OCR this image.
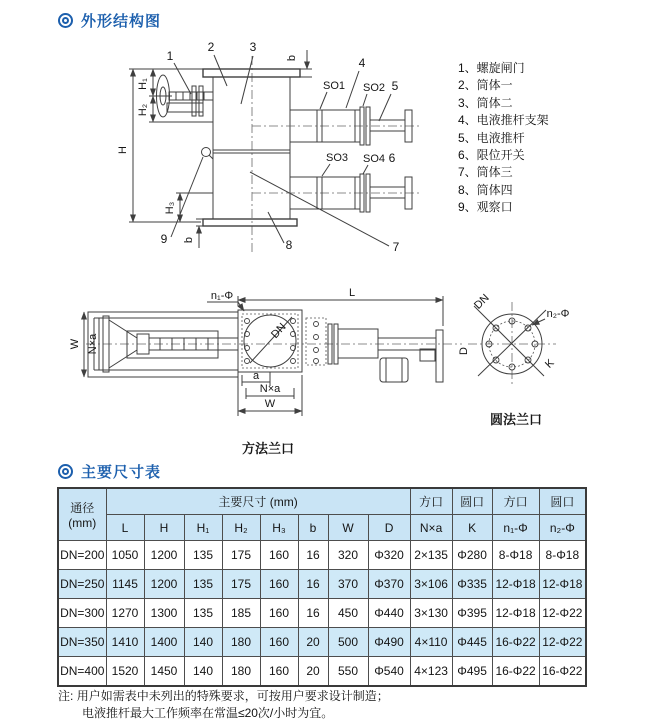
H
H₁
H₂
H₃
b
b
1
2	3
4
5
SO1 SO2
SO3 SO4 6
7
8
9
DN
n₁-Φ	L
W N×a
a
N×a
W
方法兰口
DN
n₂-Φ
D
K
圆法兰口
外形结构图
1、螺旋闸门
2、筒体一
3、筒体二
4、电液推杆支架
5、电液推杆
6、限位开关
7、筒体三
8、筒体四
9、观察口
主要尺寸表
通径
(mm)	主要尺寸 (mm)								方口	圆口	方口	圆口
	L	H	H₁	H₂	H₃	b	W	D	N×a	K	n₁-Φ	n₂-Φ
DN=200	1050	1200	135	175	160	16	320	Φ320	2×135	Φ280	8-Φ18	8-Φ18
DN=250	1145	1200	135	175	160	16	370	Φ370	3×106	Φ335	12-Φ18	12-Φ18
DN=300	1270	1300	135	185	160	16	450	Φ440	3×130	Φ395	12-Φ18	12-Φ22
DN=350	1410	1400	140	180	160	20	500	Φ490	4×110	Φ445	16-Φ22	12-Φ22
DN=400	1520	1450	140	180	160	20	550	Φ540	4×123	Φ495	16-Φ22	16-Φ22
注: 用户如需表中未列出的特殊要求，可按用户要求设计制造；
电液推杆最大工作频率在常温≤20次/小时为宜。
